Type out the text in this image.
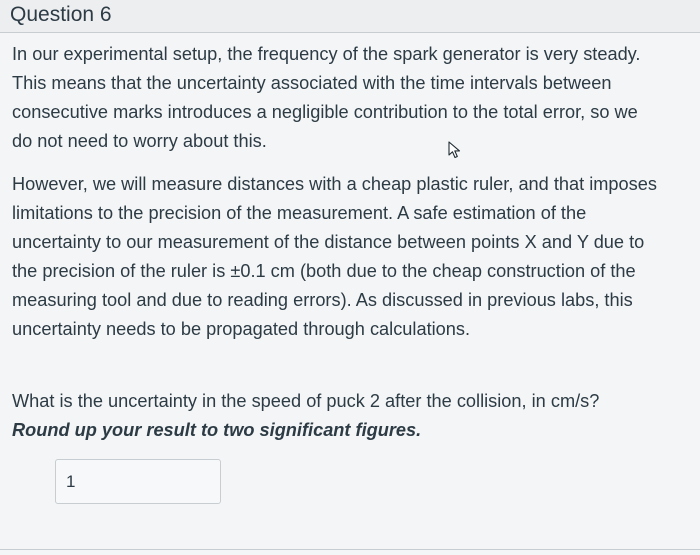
Question 6

In our experimental setup, the frequency of the spark generator is very steady.
This means that the uncertainty associated with the time intervals between
consecutive marks introduces a negligible contribution to the total error, so we
do not need to worry about this.

However, we will measure distances with a cheap plastic ruler, and that imposes
limitations to the precision of the measurement. A safe estimation of the
uncertainty to our measurement of the distance between points X and Y due to
the precision of the ruler is ±0.1 cm (both due to the cheap construction of the
measuring tool and due to reading errors). As discussed in previous labs, this
uncertainty needs to be propagated through calculations.

What is the uncertainty in the speed of puck 2 after the collision, in cm/s?

Round up your result to two significant figures.

1
